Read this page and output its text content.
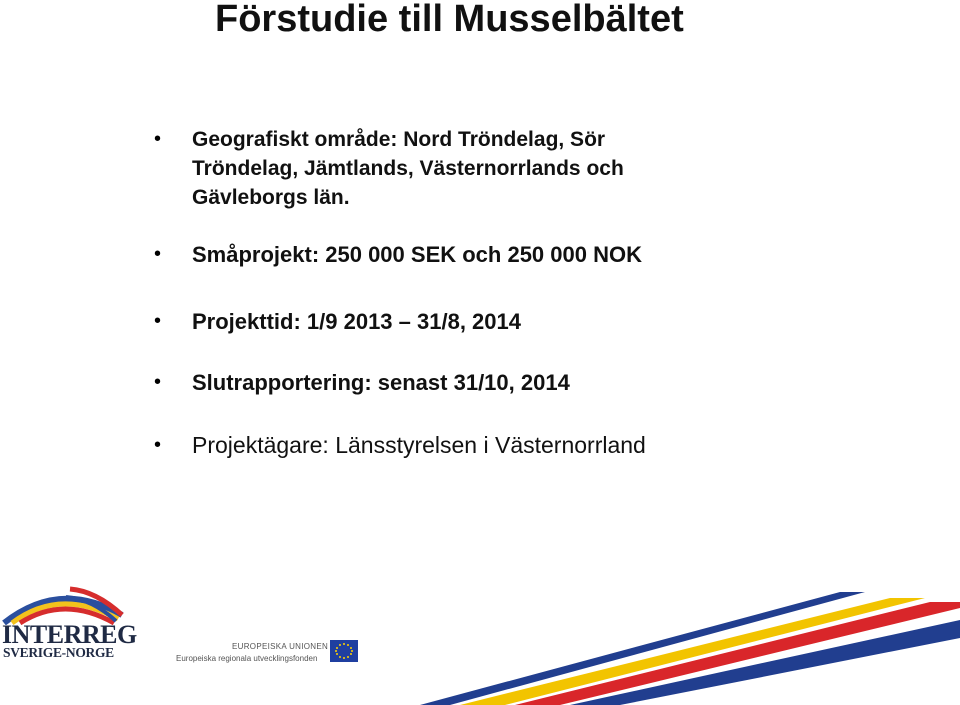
Förstudie till Musselbältet
• Geografiskt område: Nord Tröndelag, Sör Tröndelag, Jämtlands, Västernorrlands och Gävleborgs län.
• Småprojekt: 250 000 SEK och 250 000 NOK
• Projekttid: 1/9 2013 – 31/8, 2014
• Slutrapportering: senast 31/10, 2014
• Projektägare: Länsstyrelsen i Västernorrland
INTERREG
SVERIGE-NORGE	EUROPEISKA UNIONEN
Europeiska regionala utvecklingsfonden
